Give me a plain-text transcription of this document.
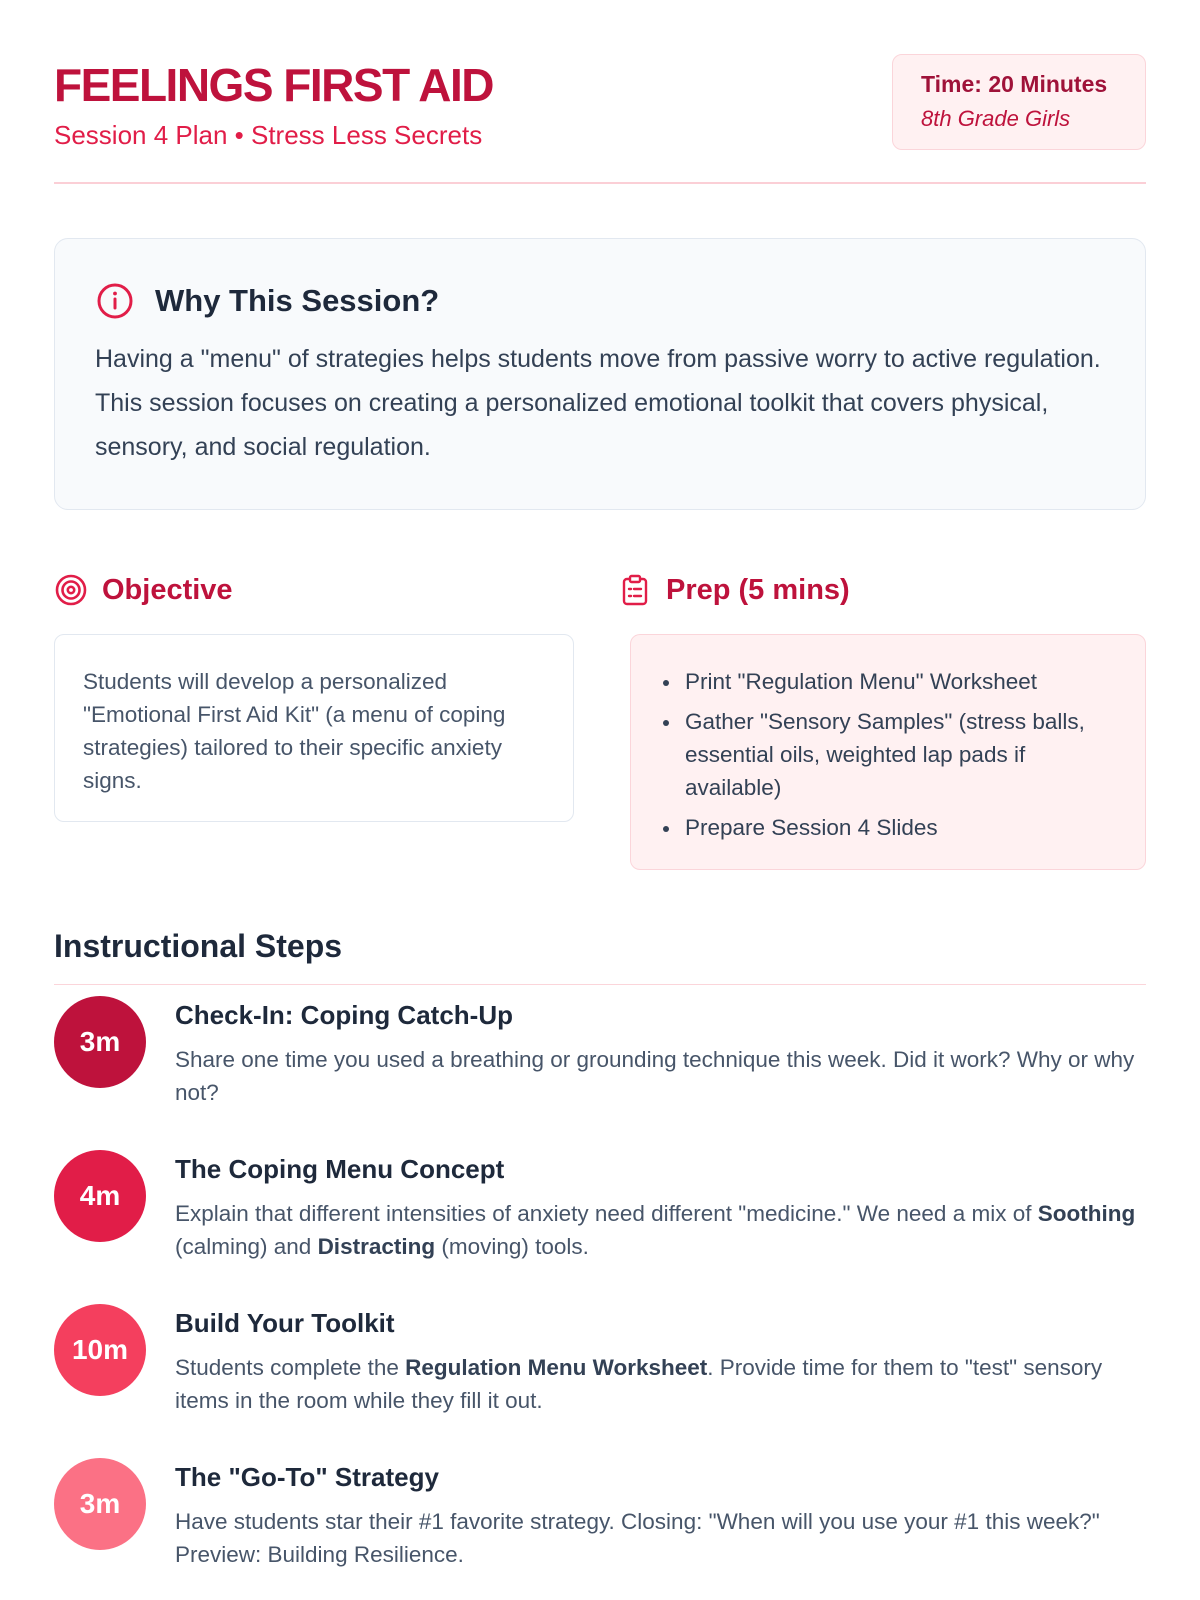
FEELINGS FIRST AID
Session 4 Plan • Stress Less Secrets
Time: 20 Minutes
8th Grade Girls
Why This Session?

Having a "menu" of strategies helps students move from passive worry to active regulation. This session focuses on creating a personalized emotional toolkit that covers physical, sensory, and social regulation.

Objective	Prep (5 mins)

Students will develop a personalized "Emotional First Aid Kit" (a menu of coping strategies) tailored to their specific anxiety signs.

Print "Regulation Menu" Worksheet
Gather "Sensory Samples" (stress balls, essential oils, weighted lap pads if available)
Prepare Session 4 Slides
Instructional Steps
3m
Check-In: Coping Catch-Up

Share one time you used a breathing or grounding technique this week. Did it work? Why or why not?

4m
The Coping Menu Concept

Explain that different intensities of anxiety need different "medicine." We need a mix of Soothing (calming) and Distracting (moving) tools.

10m
Build Your Toolkit

Students complete the Regulation Menu Worksheet. Provide time for them to "test" sensory items in the room while they fill it out.

3m
The "Go-To" Strategy

Have students star their #1 favorite strategy. Closing: "When will you use your #1 this week?" Preview: Building Resilience.
